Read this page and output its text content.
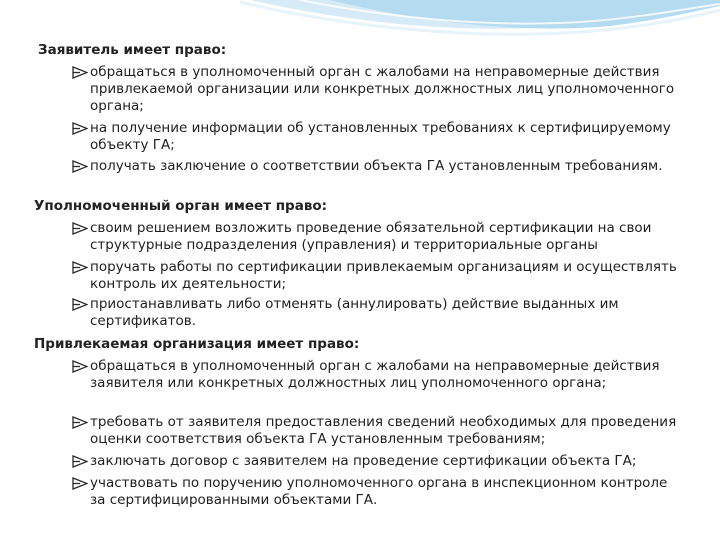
Заявитель имеет право:
обращаться в уполномоченный орган с жалобами на неправомерные действия привлекаемой организации или конкретных должностных лиц уполномоченного органа;
на получение информации об установленных требованиях к сертифицируемому объекту ГА;
получать заключение о соответствии объекта ГА установленным требованиям.
Уполномоченный орган имеет право:
своим решением возложить проведение обязательной сертификации на свои структурные подразделения (управления) и территориальные органы
поручать работы по сертификации привлекаемым организациям и осуществлять контроль их деятельности;
приостанавливать либо отменять (аннулировать) действие выданных им сертификатов.
Привлекаемая организация имеет право:
обращаться в уполномоченный орган с жалобами на неправомерные действия заявителя или конкретных должностных лиц уполномоченного органа;
требовать от заявителя предоставления сведений необходимых для проведения оценки соответствия объекта ГА установленным требованиям;
заключать договор с заявителем на проведение сертификации объекта ГА;
участвовать по поручению уполномоченного органа в инспекционном контроле за сертифицированными объектами ГА.
